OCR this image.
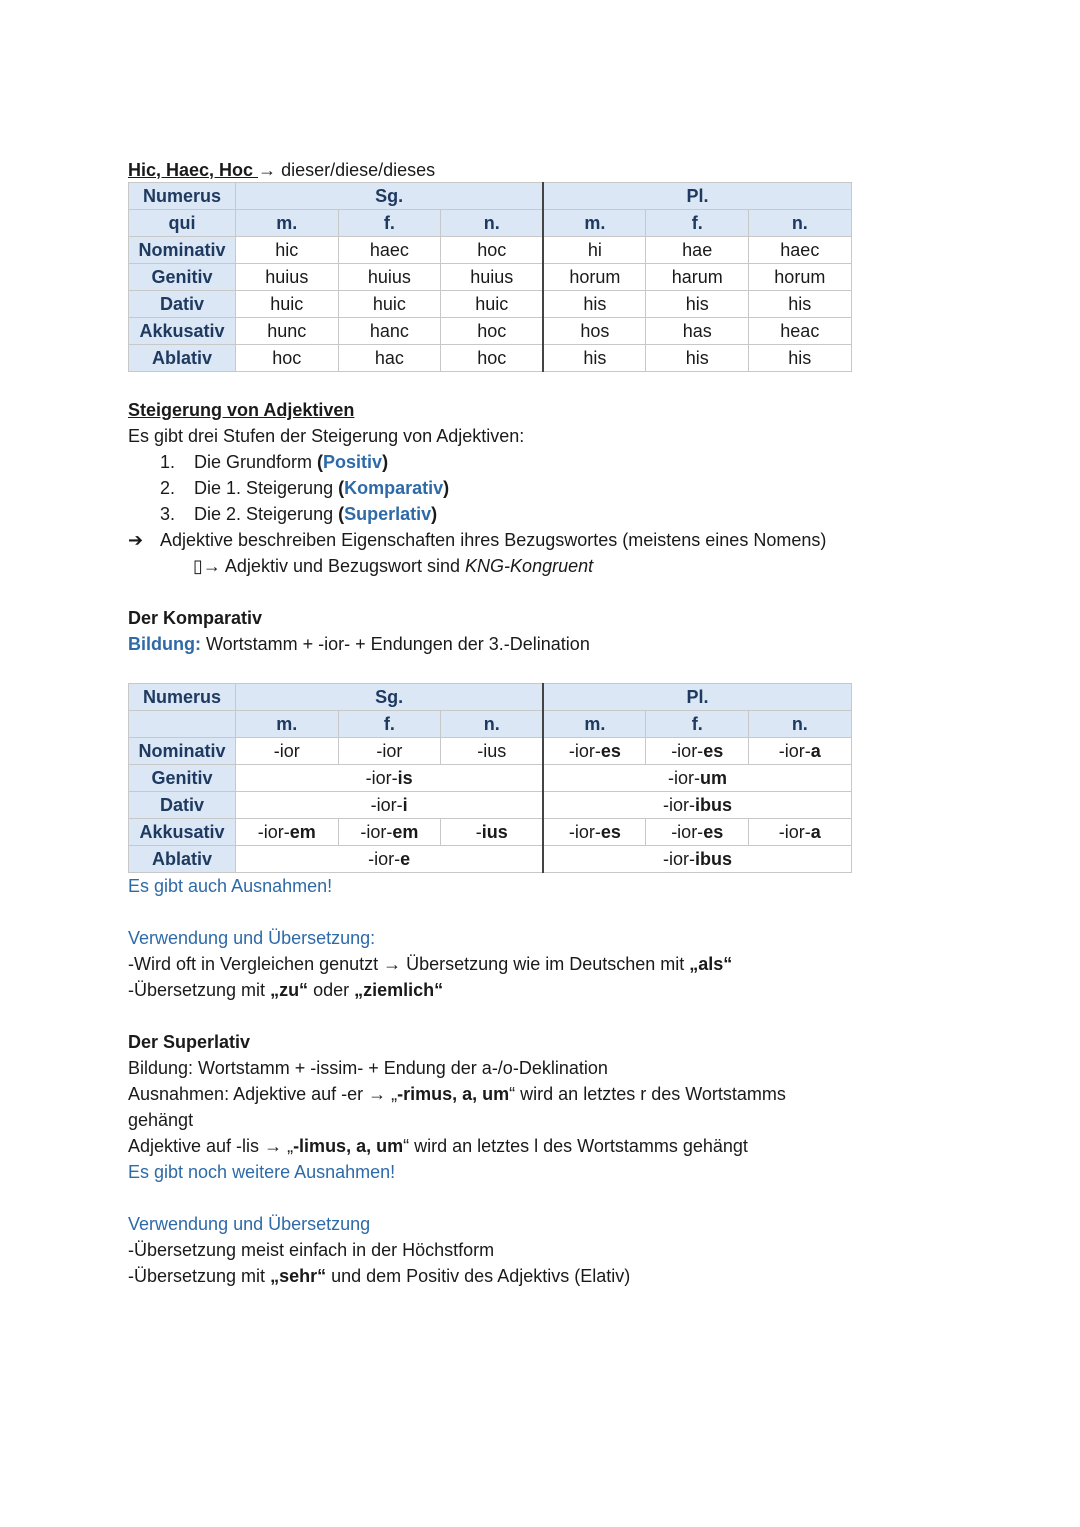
Hic, Haec, Hoc → dieser/diese/dieses
Numerus	Sg.			Pl.		
qui	m.	f.	n.	m.	f.	n.
Nominativ	hic	haec	hoc	hi	hae	haec
Genitiv	huius	huius	huius	horum	harum	horum
Dativ	huic	huic	huic	his	his	his
Akkusativ	hunc	hanc	hoc	hos	has	heac
Ablativ	hoc	hac	hoc	his	his	his
Steigerung von Adjektiven
Es gibt drei Stufen der Steigerung von Adjektiven:
1. Die Grundform (Positiv)
2. Die 1. Steigerung (Komparativ)
3. Die 2. Steigerung (Superlativ)
➔ Adjektive beschreiben Eigenschaften ihres Bezugswortes (meistens eines Nomens)
▯→ Adjektiv und Bezugswort sind KNG-Kongruent
Der Komparativ
Bildung: Wortstamm + -ior- + Endungen der 3.-Delination
Numerus	Sg.			Pl.		
	m.	f.	n.	m.	f.	n.
Nominativ	-ior	-ior	-ius	-ior-es	-ior-es	-ior-a
Genitiv	-ior-is			-ior-um		
Dativ	-ior-i			-ior-ibus		
Akkusativ	-ior-em	-ior-em	-ius	-ior-es	-ior-es	-ior-a
Ablativ	-ior-e			-ior-ibus		
Es gibt auch Ausnahmen!
Verwendung und Übersetzung:
-Wird oft in Vergleichen genutzt → Übersetzung wie im Deutschen mit „als“
-Übersetzung mit „zu“ oder „ziemlich“
Der Superlativ
Bildung: Wortstamm + -issim- + Endung der a-/o-Deklination
Ausnahmen: Adjektive auf -er → „-rimus, a, um“ wird an letztes r des Wortstamms
gehängt
Adjektive auf -lis → „-limus, a, um“ wird an letztes l des Wortstamms gehängt
Es gibt noch weitere Ausnahmen!
Verwendung und Übersetzung
-Übersetzung meist einfach in der Höchstform
-Übersetzung mit „sehr“ und dem Positiv des Adjektivs (Elativ)
